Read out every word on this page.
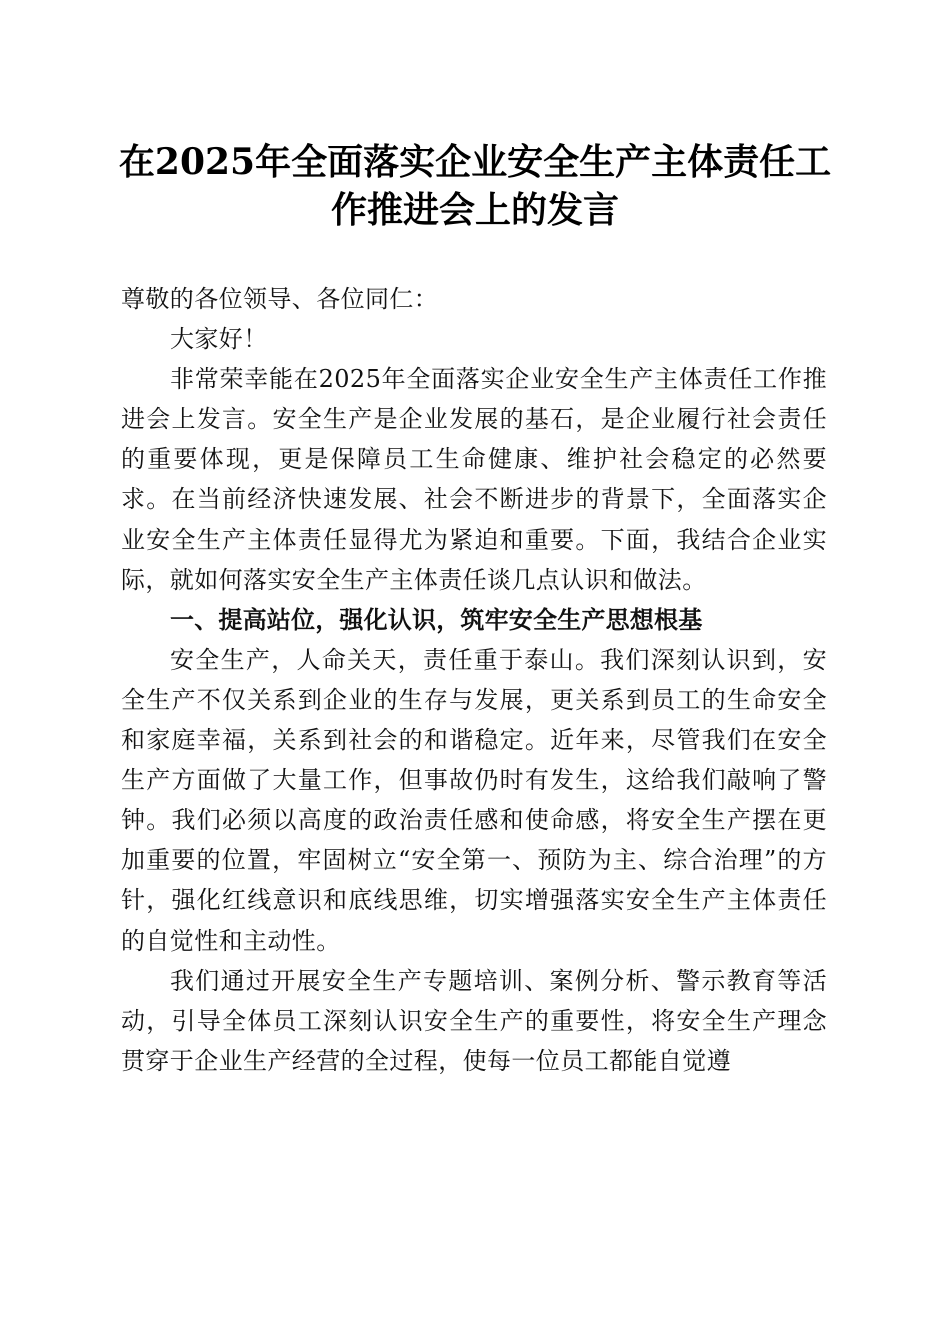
在2025年全面落实企业安全生产主体责任工作推进会上的发言

尊敬的各位领导、各位同仁：

大家好！

非常荣幸能在2025年全面落实企业安全生产主体责任工作推进会上发言。安全生产是企业发展的基石，是企业履行社会责任的重要体现，更是保障员工生命健康、维护社会稳定的必然要求。在当前经济快速发展、社会不断进步的背景下，全面落实企业安全生产主体责任显得尤为紧迫和重要。下面，我结合企业实际，就如何落实安全生产主体责任谈几点认识和做法。

一、提高站位，强化认识，筑牢安全生产思想根基

安全生产，人命关天，责任重于泰山。我们深刻认识到，安全生产不仅关系到企业的生存与发展，更关系到员工的生命安全和家庭幸福，关系到社会的和谐稳定。近年来，尽管我们在安全生产方面做了大量工作，但事故仍时有发生，这给我们敲响了警钟。我们必须以高度的政治责任感和使命感，将安全生产摆在更加重要的位置，牢固树立“安全第一、预防为主、综合治理”的方针，强化红线意识和底线思维，切实增强落实安全生产主体责任的自觉性和主动性。

我们通过开展安全生产专题培训、案例分析、警示教育等活动，引导全体员工深刻认识安全生产的重要性，将安全生产理念贯穿于企业生产经营的全过程，使每一位员工都能自觉遵
